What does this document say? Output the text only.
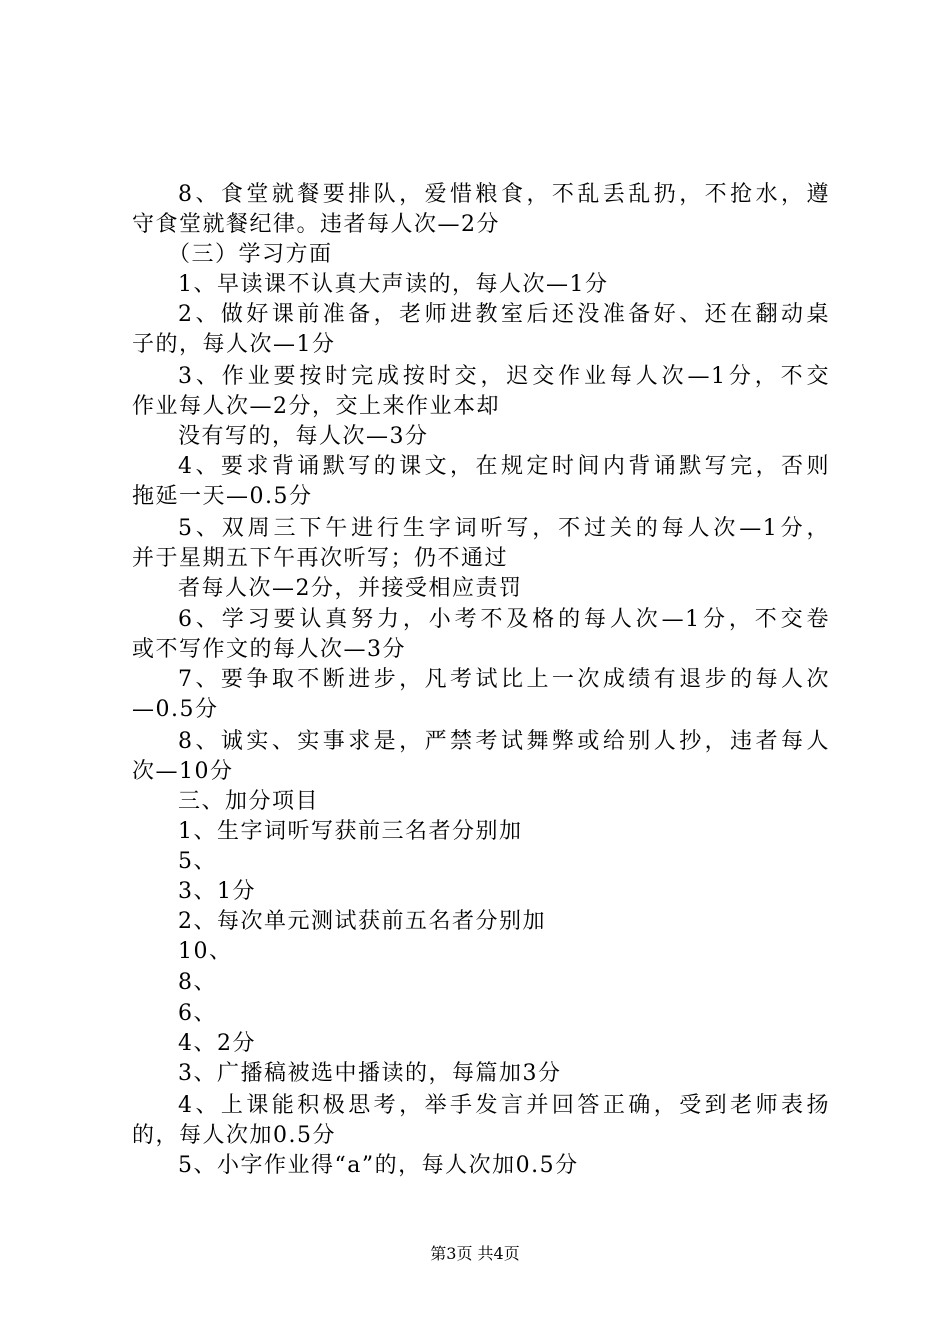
8、食堂就餐要排队，爱惜粮食，不乱丢乱扔，不抢水，遵
守食堂就餐纪律。违者每人次—2分
（三）学习方面
1、早读课不认真大声读的，每人次—1分
2、做好课前准备，老师进教室后还没准备好、还在翻动桌
子的，每人次—1分
3、作业要按时完成按时交，迟交作业每人次—1分，不交
作业每人次—2分，交上来作业本却
没有写的，每人次—3分
4、要求背诵默写的课文，在规定时间内背诵默写完，否则
拖延一天—0.5分
5、双周三下午进行生字词听写，不过关的每人次—1分，
并于星期五下午再次听写；仍不通过
者每人次—2分，并接受相应责罚
6、学习要认真努力，小考不及格的每人次—1分，不交卷
或不写作文的每人次—3分
7、要争取不断进步，凡考试比上一次成绩有退步的每人次
—0.5分
8、诚实、实事求是，严禁考试舞弊或给别人抄，违者每人
次—10分
三、加分项目
1、生字词听写获前三名者分别加
5、
3、1分
2、每次单元测试获前五名者分别加
10、
8、
6、
4、2分
3、广播稿被选中播读的，每篇加3分
4、上课能积极思考，举手发言并回答正确，受到老师表扬
的，每人次加0.5分
5、小字作业得“a”的，每人次加0.5分
第3页 共4页
